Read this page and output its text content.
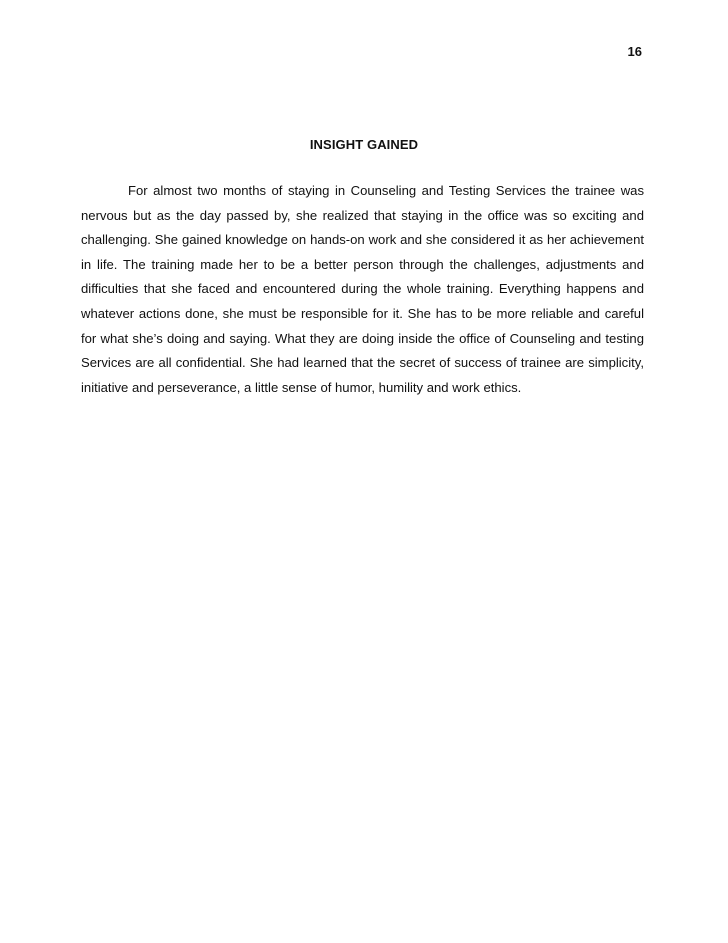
16
INSIGHT GAINED

For almost two months of staying in Counseling and Testing Services the trainee was nervous but as the day passed by, she realized that staying in the office was so exciting and challenging. She gained knowledge on hands-on work and she considered it as her achievement in life. The training made her to be a better person through the challenges, adjustments and difficulties that she faced and encountered during the whole training. Everything happens and whatever actions done, she must be responsible for it. She has to be more reliable and careful for what she’s doing and saying. What they are doing inside the office of Counseling and testing Services are all confidential. She had learned that the secret of success of trainee are simplicity, initiative and perseverance, a little sense of humor, humility and work ethics.
